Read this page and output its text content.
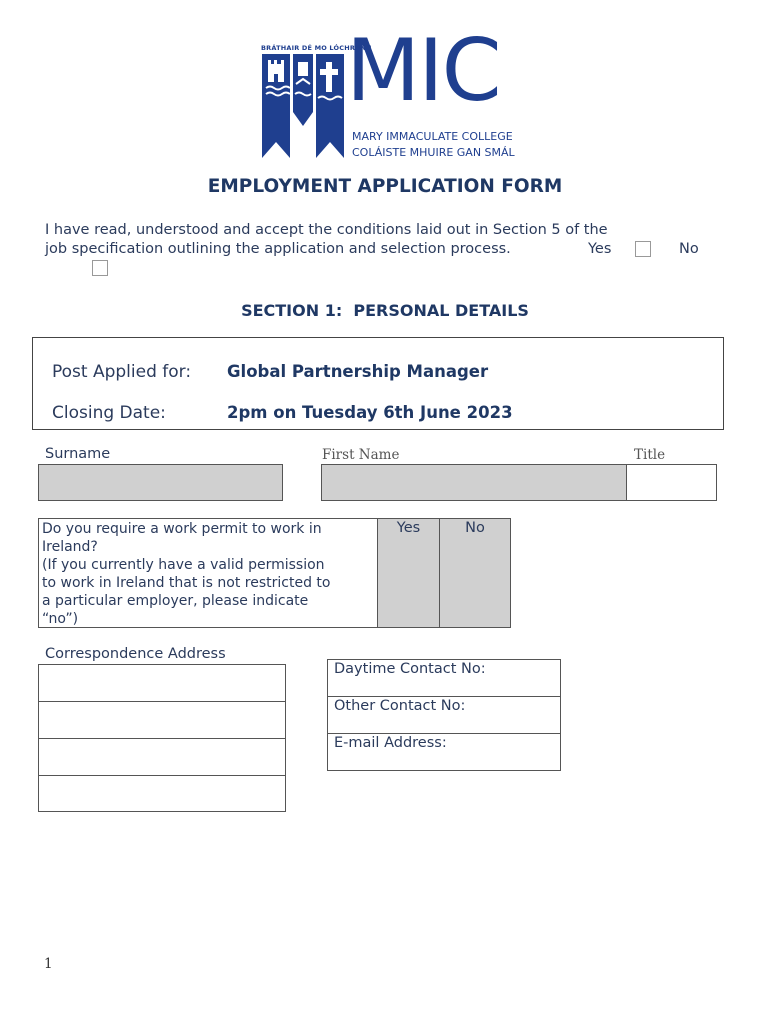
BRÁTHAIR DÉ MO LÓCHRANN
MIC
MARY IMMACULATE COLLEGE
COLÁISTE MHUIRE GAN SMÁL
EMPLOYMENT APPLICATION FORM
I have read, understood and accept the conditions laid out in Section 5 of the
job specification outlining the application and selection process.	Yes	No
SECTION 1:  PERSONAL DETAILS
Post Applied for: Global Partnership Manager
Closing Date:	2pm on Tuesday 6th June 2023
Surname	First Name	Title
Do you require a work permit to work in
Ireland?
(If you currently have a valid permission
to work in Ireland that is not restricted to
a particular employer, please indicate
“no”)
Yes	No
Correspondence Address
Daytime Contact No:
Other Contact No:
E-mail Address:
1
